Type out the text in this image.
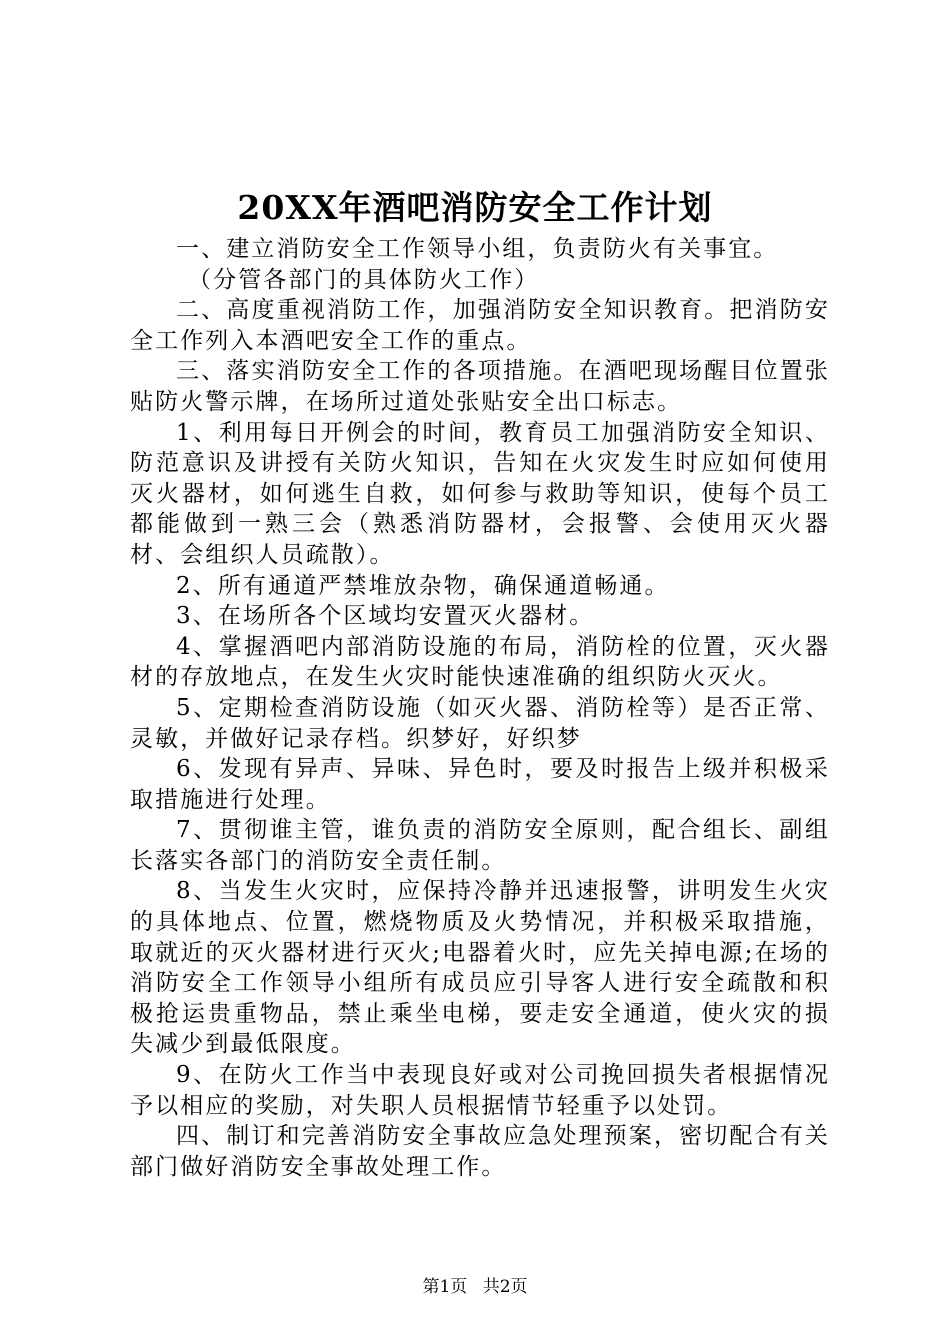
20XX年酒吧消防安全工作计划

一、建立消防安全工作领导小组，负责防火有关事宜。

（分管各部门的具体防火工作）

二、高度重视消防工作，加强消防安全知识教育。把消防安全工作列入本酒吧安全工作的重点。

三、落实消防安全工作的各项措施。在酒吧现场醒目位置张贴防火警示牌，在场所过道处张贴安全出口标志。

1、利用每日开例会的时间，教育员工加强消防安全知识、防范意识及讲授有关防火知识，告知在火灾发生时应如何使用灭火器材，如何逃生自救，如何参与救助等知识，使每个员工都能做到一熟三会（熟悉消防器材，会报警、会使用灭火器材、会组织人员疏散）。

2、所有通道严禁堆放杂物，确保通道畅通。

3、在场所各个区域均安置灭火器材。

4、掌握酒吧内部消防设施的布局，消防栓的位置，灭火器材的存放地点，在发生火灾时能快速准确的组织防火灭火。

5、定期检查消防设施（如灭火器、消防栓等）是否正常、灵敏，并做好记录存档。织梦好，好织梦

6、发现有异声、异味、异色时，要及时报告上级并积极采取措施进行处理。

7、贯彻谁主管，谁负责的消防安全原则，配合组长、副组长落实各部门的消防安全责任制。

8、当发生火灾时，应保持冷静并迅速报警，讲明发生火灾的具体地点、位置，燃烧物质及火势情况，并积极采取措施，取就近的灭火器材进行灭火;电器着火时，应先关掉电源;在场的消防安全工作领导小组所有成员应引导客人进行安全疏散和积极抢运贵重物品，禁止乘坐电梯，要走安全通道，使火灾的损失减少到最低限度。

9、在防火工作当中表现良好或对公司挽回损失者根据情况予以相应的奖励，对失职人员根据情节轻重予以处罚。

四、制订和完善消防安全事故应急处理预案，密切配合有关部门做好消防安全事故处理工作。

第1页 共2页
